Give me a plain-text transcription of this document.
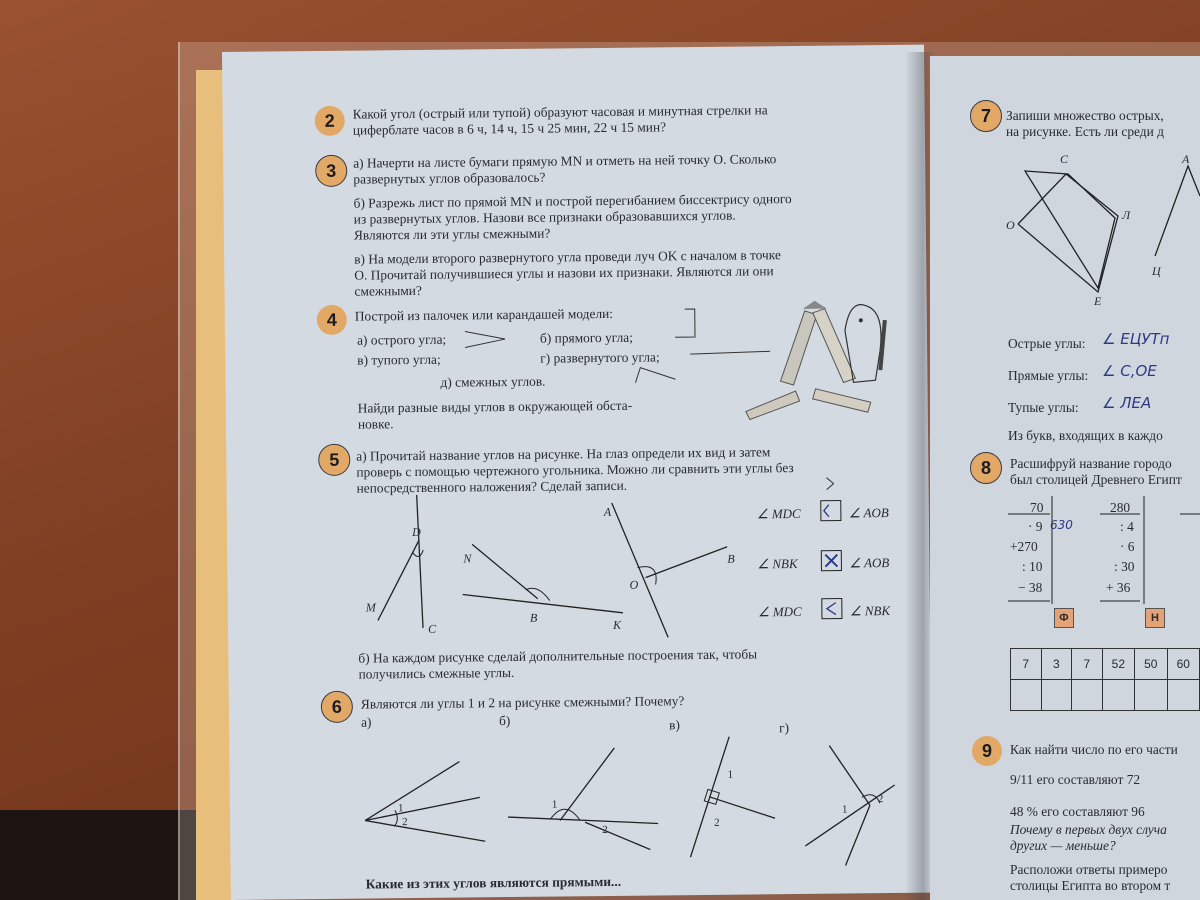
2	Какой угол (острый или тупой) образуют часовая и минутная стрелки на
циферблате часов в 6 ч, 14 ч, 15 ч 25 мин, 22 ч 15 мин?
3	а) Начерти на листе бумаги прямую MN и отметь на ней точку O. Сколько
развернутых углов образовалось?
б) Разрежь лист по прямой MN и построй перегибанием биссектрису одного
из развернутых углов. Назови все признаки образовавшихся углов.
Являются ли эти углы смежными?
в) На модели второго развернутого угла проведи луч OK с началом в точке
O. Прочитай получившиеся углы и назови их признаки. Являются ли они
смежными?
4	Построй из палочек или карандашей модели:
а) острого угла;	б) прямого угла;
в) тупого угла;	г) развернутого угла;
д) смежных углов.
Найди разные виды углов в окружающей обста-
новке.
5	а) Прочитай название углов на рисунке. На глаз определи их вид и затем
проверь с помощью чертежного угольника. Можно ли сравнить эти углы без
непосредственного наложения? Сделай записи.
D
M
C
N
B
K
A
O
B
∠ MDC	∠ AOB
∠ NBK	∠ AOB
∠ MDC	∠ NBK
б) На каждом рисунке сделай дополнительные построения так, чтобы
получились смежные углы.
6	Являются ли углы 1 и 2 на рисунке смежными? Почему?
а)	б)	в)	г)
1
2
1
2
1
2
1
2
Какие из этих углов являются прямыми...
7	Запиши множество острых,
на рисунке. Есть ли среди д
C
O
Л
E
A
Ц
Острые углы: ∠ ЕЦУТп
Прямые углы: ∠ С,ОЕ
Тупые углы: ∠ ЛЕА
Из букв, входящих в каждо
8	Расшифруй название городо
был столицей Древнего Египт
70
· 9 630
+270
: 10
− 38
Ф
280
: 4
· 6
: 30
+ 36
Н
7	3	7	52	50	60

9	Как найти число по его части
9/11 его составляют 72
48 % его составляют 96
Почему в первых двух случа
других — меньше?
Расположи ответы примеро
столицы Египта во втором т
